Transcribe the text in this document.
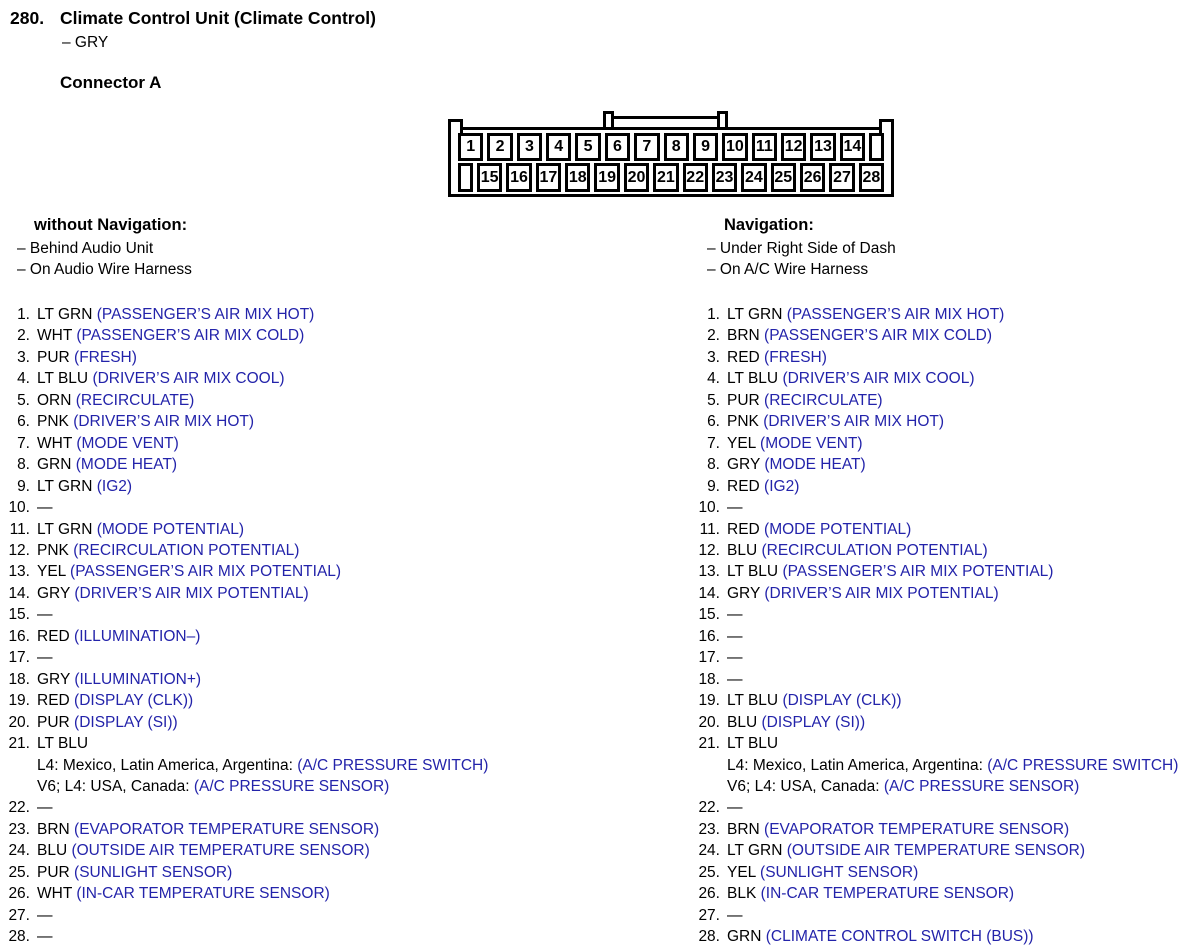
280. Climate Control Unit (Climate Control)
– GRY
Connector A
1	2	3	4	5	6	7	8	9	10 11 12 13 14
15 16 17 18 19 20 21 22 23 24 25 26 27 28
without Navigation:
– Behind Audio Unit
– On Audio Wire Harness
1. LT GRN (PASSENGER’S AIR MIX HOT)
2. WHT (PASSENGER’S AIR MIX COLD)
3. PUR (FRESH)
4. LT BLU (DRIVER’S AIR MIX COOL)
5. ORN (RECIRCULATE)
6. PNK (DRIVER’S AIR MIX HOT)
7. WHT (MODE VENT)
8. GRN (MODE HEAT)
9. LT GRN (IG2)
10. —
11. LT GRN (MODE POTENTIAL)
12. PNK (RECIRCULATION POTENTIAL)
13. YEL (PASSENGER’S AIR MIX POTENTIAL)
14. GRY (DRIVER’S AIR MIX POTENTIAL)
15. —
16. RED (ILLUMINATION–)
17. —
18. GRY (ILLUMINATION+)
19. RED (DISPLAY (CLK))
20. PUR (DISPLAY (SI))
21. LT BLU
L4: Mexico, Latin America, Argentina: (A/C PRESSURE SWITCH)
V6; L4: USA, Canada: (A/C PRESSURE SENSOR)
22. —
23. BRN (EVAPORATOR TEMPERATURE SENSOR)
24. BLU (OUTSIDE AIR TEMPERATURE SENSOR)
25. PUR (SUNLIGHT SENSOR)
26. WHT (IN-CAR TEMPERATURE SENSOR)
27. —
28. —
Navigation:
– Under Right Side of Dash
– On A/C Wire Harness
1. LT GRN (PASSENGER’S AIR MIX HOT)
2. BRN (PASSENGER’S AIR MIX COLD)
3. RED (FRESH)
4. LT BLU (DRIVER’S AIR MIX COOL)
5. PUR (RECIRCULATE)
6. PNK (DRIVER’S AIR MIX HOT)
7. YEL (MODE VENT)
8. GRY (MODE HEAT)
9. RED (IG2)
10. —
11. RED (MODE POTENTIAL)
12. BLU (RECIRCULATION POTENTIAL)
13. LT BLU (PASSENGER’S AIR MIX POTENTIAL)
14. GRY (DRIVER’S AIR MIX POTENTIAL)
15. —
16. —
17. —
18. —
19. LT BLU (DISPLAY (CLK))
20. BLU (DISPLAY (SI))
21. LT BLU
L4: Mexico, Latin America, Argentina: (A/C PRESSURE SWITCH)
V6; L4: USA, Canada: (A/C PRESSURE SENSOR)
22. —
23. BRN (EVAPORATOR TEMPERATURE SENSOR)
24. LT GRN (OUTSIDE AIR TEMPERATURE SENSOR)
25. YEL (SUNLIGHT SENSOR)
26. BLK (IN-CAR TEMPERATURE SENSOR)
27. —
28. GRN (CLIMATE CONTROL SWITCH (BUS))
